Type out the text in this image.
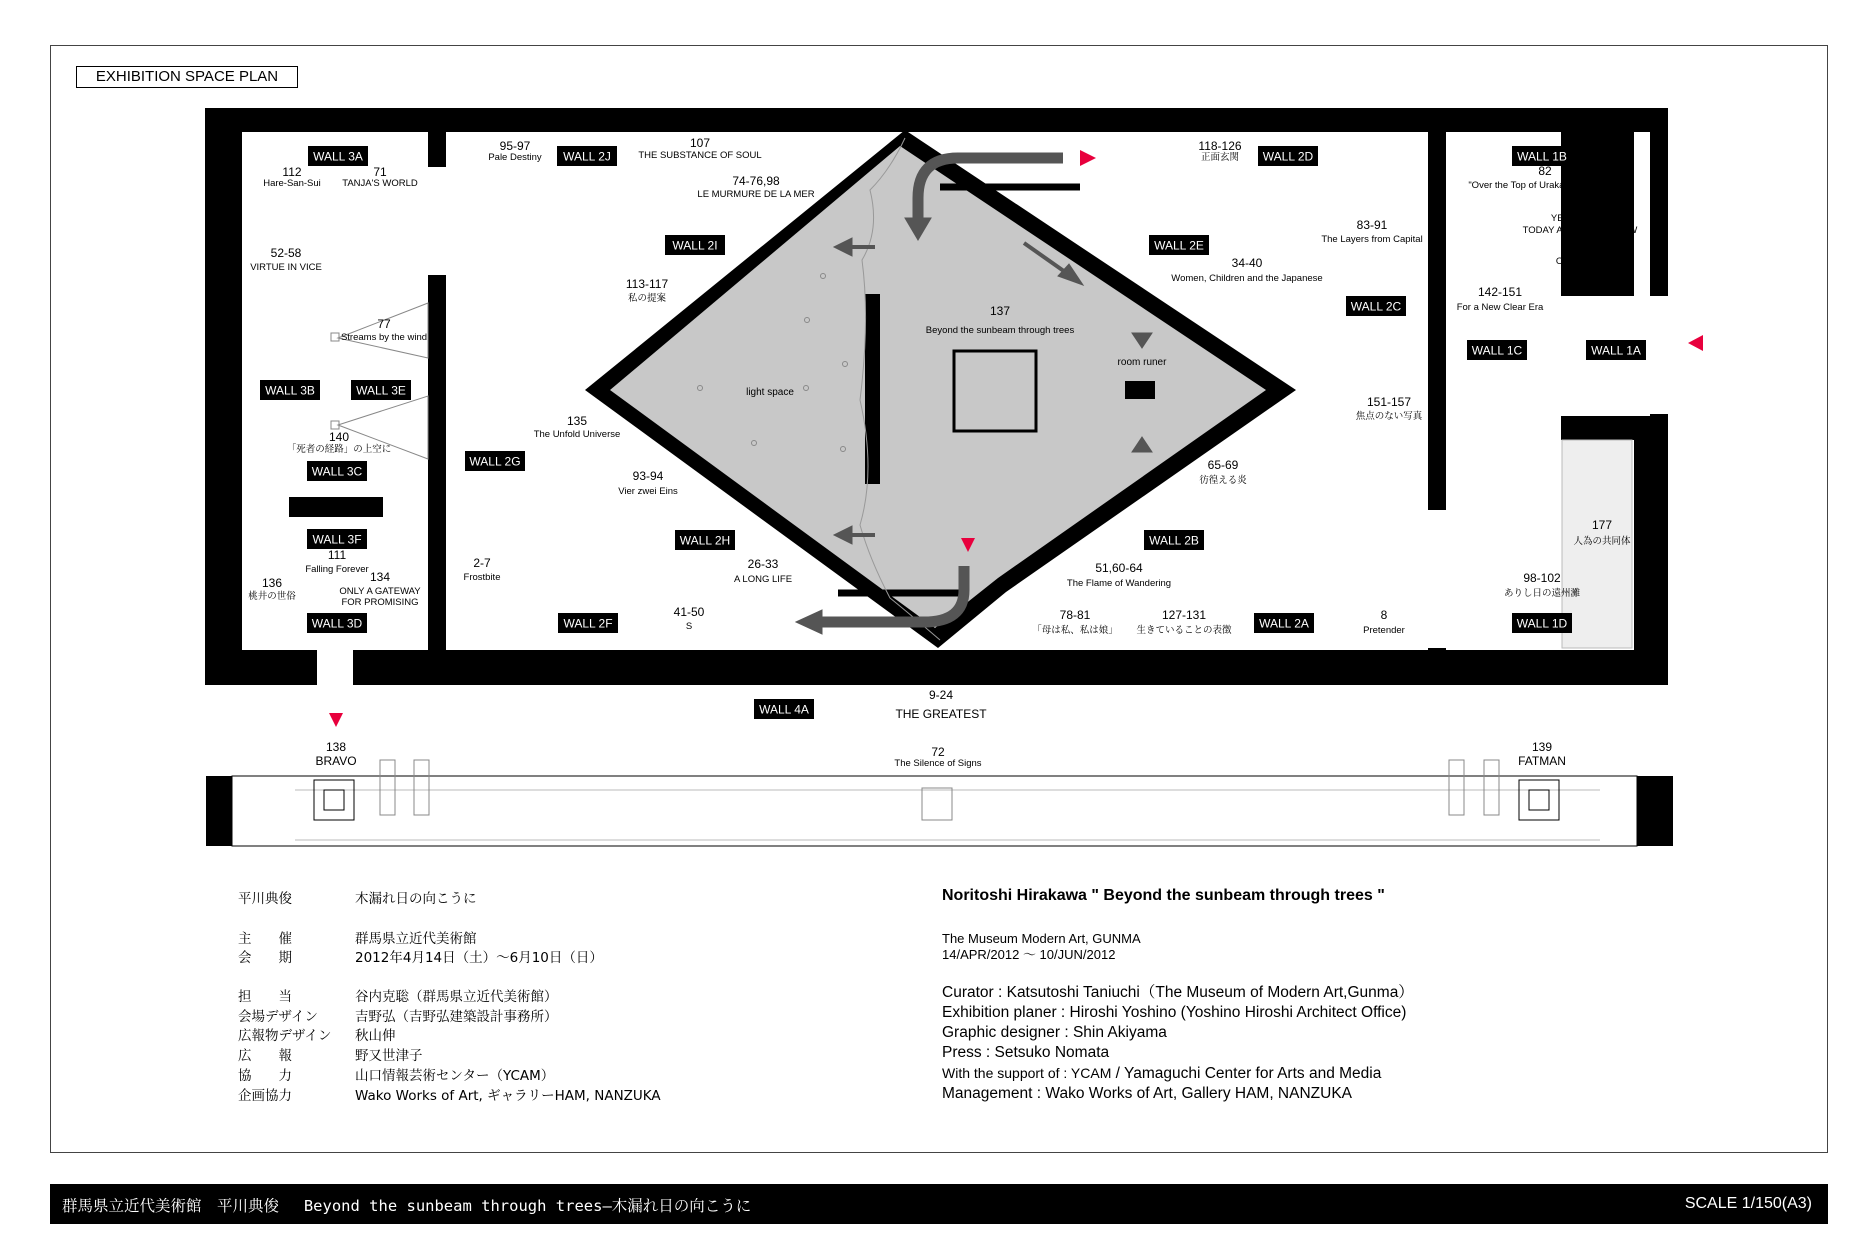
EXHIBITION SPACE PLAN
WALL 3A
WALL 3B	WALL 3E
WALL 3C
WALL 3F
WALL 3D
WALL 2J
WALL 2I
WALL 2G
WALL 2H
WALL 2F
WALL 2D
WALL 2E
WALL 2C
WALL 2B
WALL 2A
WALL 1B
WALL 1C	WALL 1A
WALL 1D
WALL 4A
112
Hare-San-Sui
71
TANJA'S WORLD
52-58
VIRTUE IN VICE
77
Streams by the wind
140
「死者の経路」の上空に
111
Falling Forever
136
桃井の世俗
134
ONLY A GATEWAY
FOR PROMISING
95-97
Pale Destiny
107
THE SUBSTANCE OF SOUL
74-76,98
LE MURMURE DE LA MER
113-117
私の提案
135
The Unfold Universe
93-94
Vier zwei Eins
2-7
Frostbite
26-33
A LONG LIFE
41-50
S
137
Beyond the sunbeam through trees
118-126
正面玄関
83-91
The Layers from Capital
34-40
Women, Children and the Japanese
151-157
焦点のない写真
65-69
彷徨える炎
51,60-64
The Flame of Wandering
78-81
「母は私、私は娘」
127-131
生きていることの表徴
8
Pretender
82
"Over the Top of Urakami Cathedral"
25
YESTERDAY,
TODAY AND TOMORROW
1
OUT OF BREATH
142-151
For a New Clear Era
177
人為の共同体
98-102
ありし日の遠州灘
9-24
THE GREATEST
138
BRAVO
72
The Silence of Signs
139
FATMAN
light space
room runer
平川典俊	木漏れ日の向こうに
主　　催	群馬県立近代美術館
会　　期	2012年4月14日（土）～6月10日（日）
担　　当	谷内克聡（群馬県立近代美術館）
会場デザイン	吉野弘（吉野弘建築設計事務所）
広報物デザイン	秋山伸
広　　報	野又世津子
協　　力	山口情報芸術センター（YCAM）
企画協力	Wako Works of Art, ギャラリーHAM, NANZUKA
Noritoshi Hirakawa " Beyond the sunbeam through trees "
The Museum Modern Art, GUNMA
14/APR/2012 ～ 10/JUN/2012
Curator : Katsutoshi Taniuchi（The Museum of Modern Art,Gunma）
Exhibition planer : Hiroshi Yoshino (Yoshino Hiroshi Architect Office)
Graphic designer : Shin Akiyama
Press : Setsuko Nomata
With the support of : YCAM / Yamaguchi Center for Arts and Media
Management : Wako Works of Art, Gallery HAM, NANZUKA
群馬県立近代美術館　平川典俊　 Beyond the sunbeam through trees―木漏れ日の向こうに	SCALE 1/150(A3)
